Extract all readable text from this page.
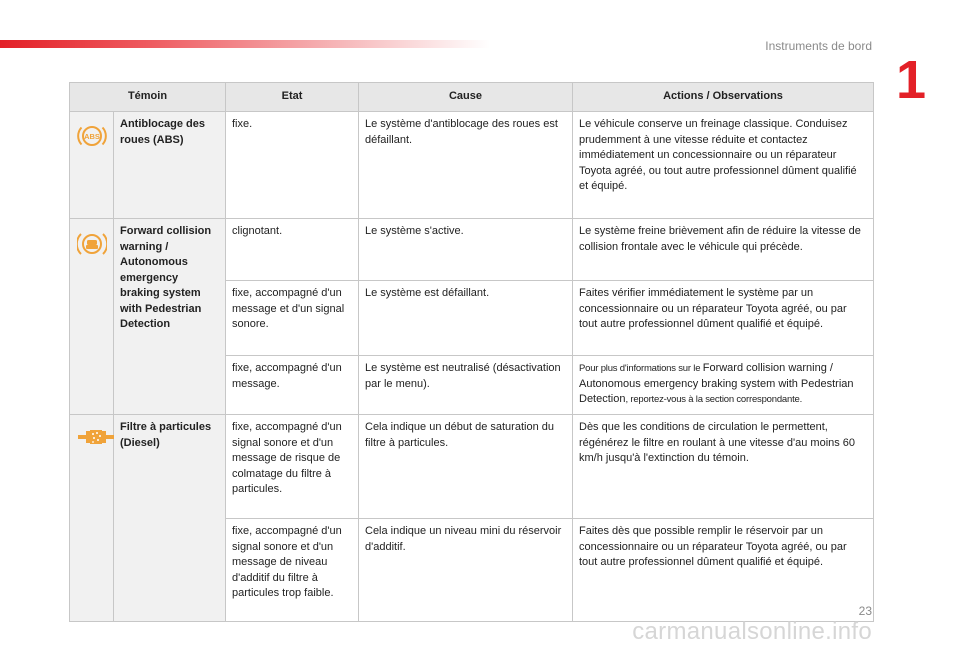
Instruments de bord
1
Témoin		Etat	Cause	Actions / Observations

ABS	Antiblocage des roues (ABS)	fixe.	Le système d'antiblocage des roues est défaillant.	Le véhicule conserve un freinage classique. Conduisez prudemment à une vitesse réduite et contactez immédiatement un concessionnaire ou un réparateur Toyota agréé, ou tout autre professionnel dûment qualifié et équipé.

	Forward collision warning / Autonomous emergency braking system with Pedestrian Detection	clignotant.	Le système s'active.	Le système freine brièvement afin de réduire la vitesse de collision frontale avec le véhicule qui précède.
		fixe, accompagné d'un message et d'un signal sonore.	Le système est défaillant.	Faites vérifier immédiatement le système par un concessionnaire ou un réparateur Toyota agréé, ou par tout autre professionnel dûment qualifié et équipé.
		fixe, accompagné d'un message.	Le système est neutralisé (désactivation par le menu).	Pour plus d'informations sur le Forward collision warning / Autonomous emergency braking system with Pedestrian Detection, reportez-vous à la section correspondante.

	Filtre à particules (Diesel)	fixe, accompagné d'un signal sonore et d'un message de risque de colmatage du filtre à particules.	Cela indique un début de saturation du filtre à particules.	Dès que les conditions de circulation le permettent, régénérez le filtre en roulant à une vitesse d'au moins 60 km/h jusqu'à l'extinction du témoin.
		fixe, accompagné d'un signal sonore et d'un message de niveau d'additif du filtre à particules trop faible.	Cela indique un niveau mini du réservoir d'additif.	Faites dès que possible remplir le réservoir par un concessionnaire ou un réparateur Toyota agréé, ou par tout autre professionnel dûment qualifié et équipé.
23
carmanualsonline.info
